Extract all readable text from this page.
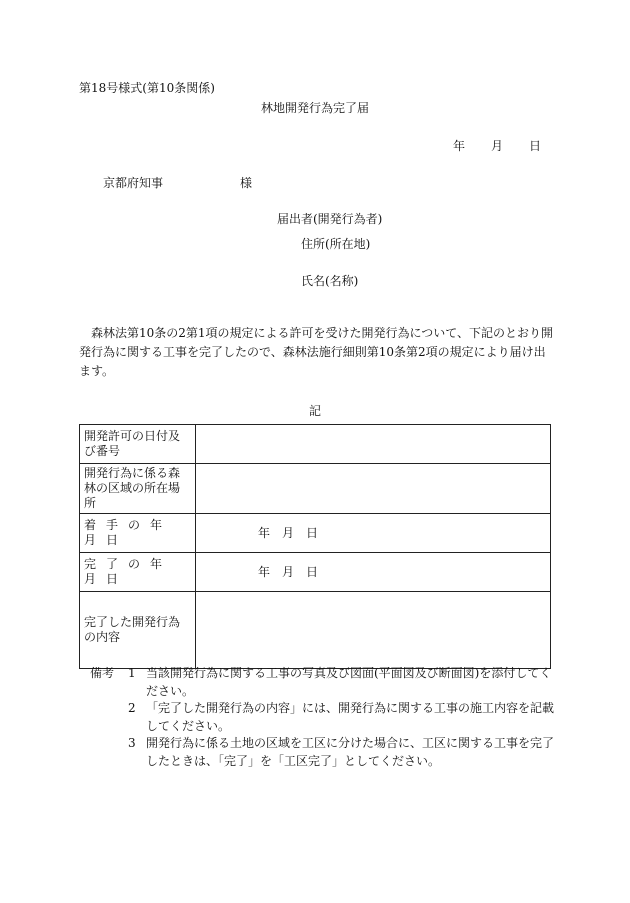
第18号様式(第10条関係)
林地開発行為完了届
年 月 日
京都府知事	様
届出者(開発行為者)
住所(所在地)
氏名(名称)
森林法第10条の2第1項の規定による許可を受けた開発行為について、下記のとおり開発行為に関する工事を完了したので、森林法施行細則第10条第2項の規定により届け出ます。
記
開発許可の日付及び番号	
開発行為に係る森林の区域の所在場所	
着手の年月日	年　月　日
完了の年月日	年　月　日
完了した開発行為の内容	
備考	1 当該開発行為に関する工事の写真及び図面(平面図及び断面図)を添付してください。
2 「完了した開発行為の内容」には、開発行為に関する工事の施工内容を記載してください。
3 開発行為に係る土地の区域を工区に分けた場合に、工区に関する工事を完了したときは、「完了」を「工区完了」としてください。
